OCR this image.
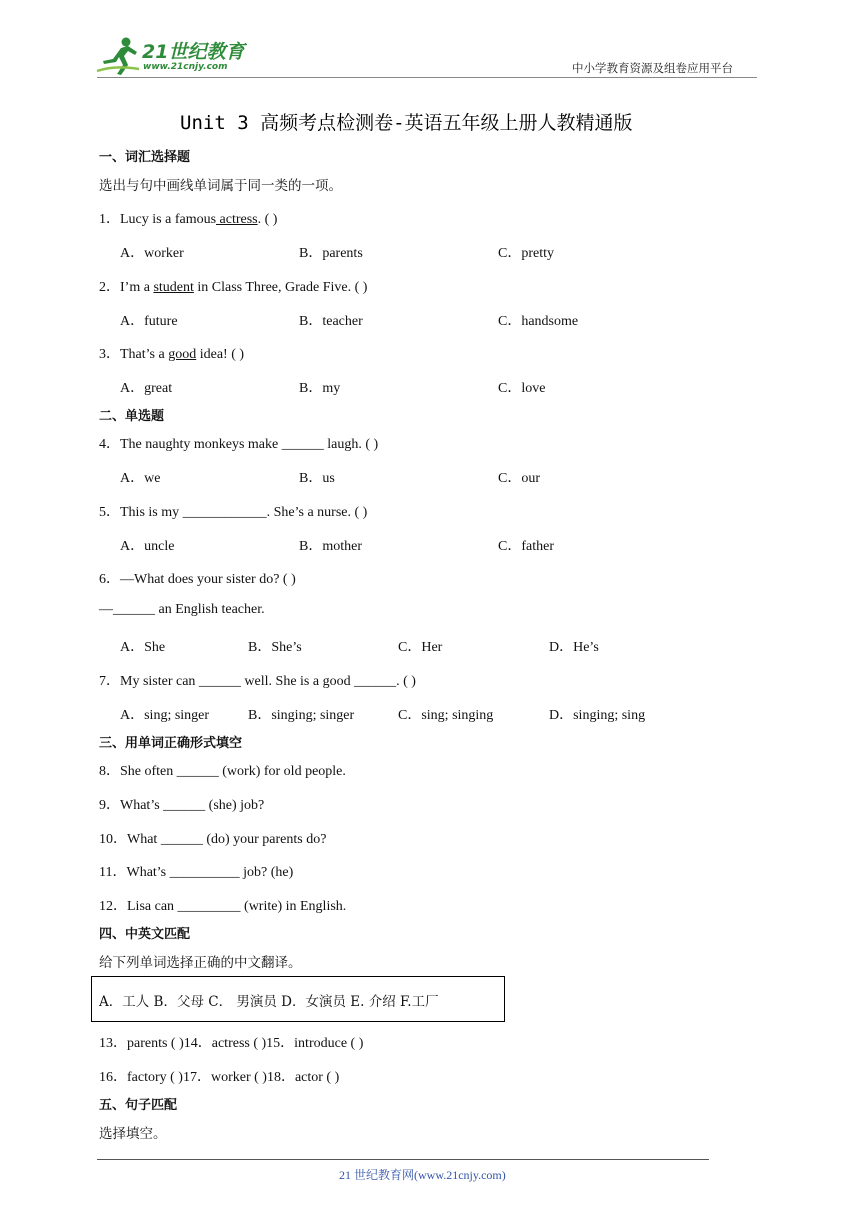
21世纪教育
www.21cnjy.com	中小学教育资源及组卷应用平台
Unit 3 高频考点检测卷-英语五年级上册人教精通版
一、词汇选择题
选出与句中画线单词属于同一类的一项。
1．Lucy is a famous actress. ( )
A．worker	B．parents	C．pretty
2．I’m a student in Class Three, Grade Five. ( )
A．future	B．teacher	C．handsome
3．That’s a good idea! ( )
A．great	B．my	C．love
二、单选题
4．The naughty monkeys make ______ laugh. ( )
A．we	B．us	C．our
5．This is my ____________. She’s a nurse. ( )
A．uncle	B．mother	C．father
6．—What does your sister do? ( )
—______ an English teacher.
A．She	B．She’s	C．Her	D．He’s
7．My sister can ______ well. She is a good ______. ( )
A．sing; singer	B．singing; singer	C．sing; singing	D．singing; sing
三、用单词正确形式填空
8．She often ______ (work) for old people.
9．What’s ______ (she) job?
10．What ______ (do) your parents do?
11．What’s __________ job? (he)
12．Lisa can _________ (write) in English.
四、中英文匹配
给下列单词选择正确的中文翻译。
A．工人 B．父母 C． 男演员 D．女演员 E. 介绍 F.工厂
13．parents ( )14．actress ( )15．introduce ( )
16．factory ( )17．worker ( )18．actor ( )
五、句子匹配
选择填空。
21 世纪教育网(www.21cnjy.com)
